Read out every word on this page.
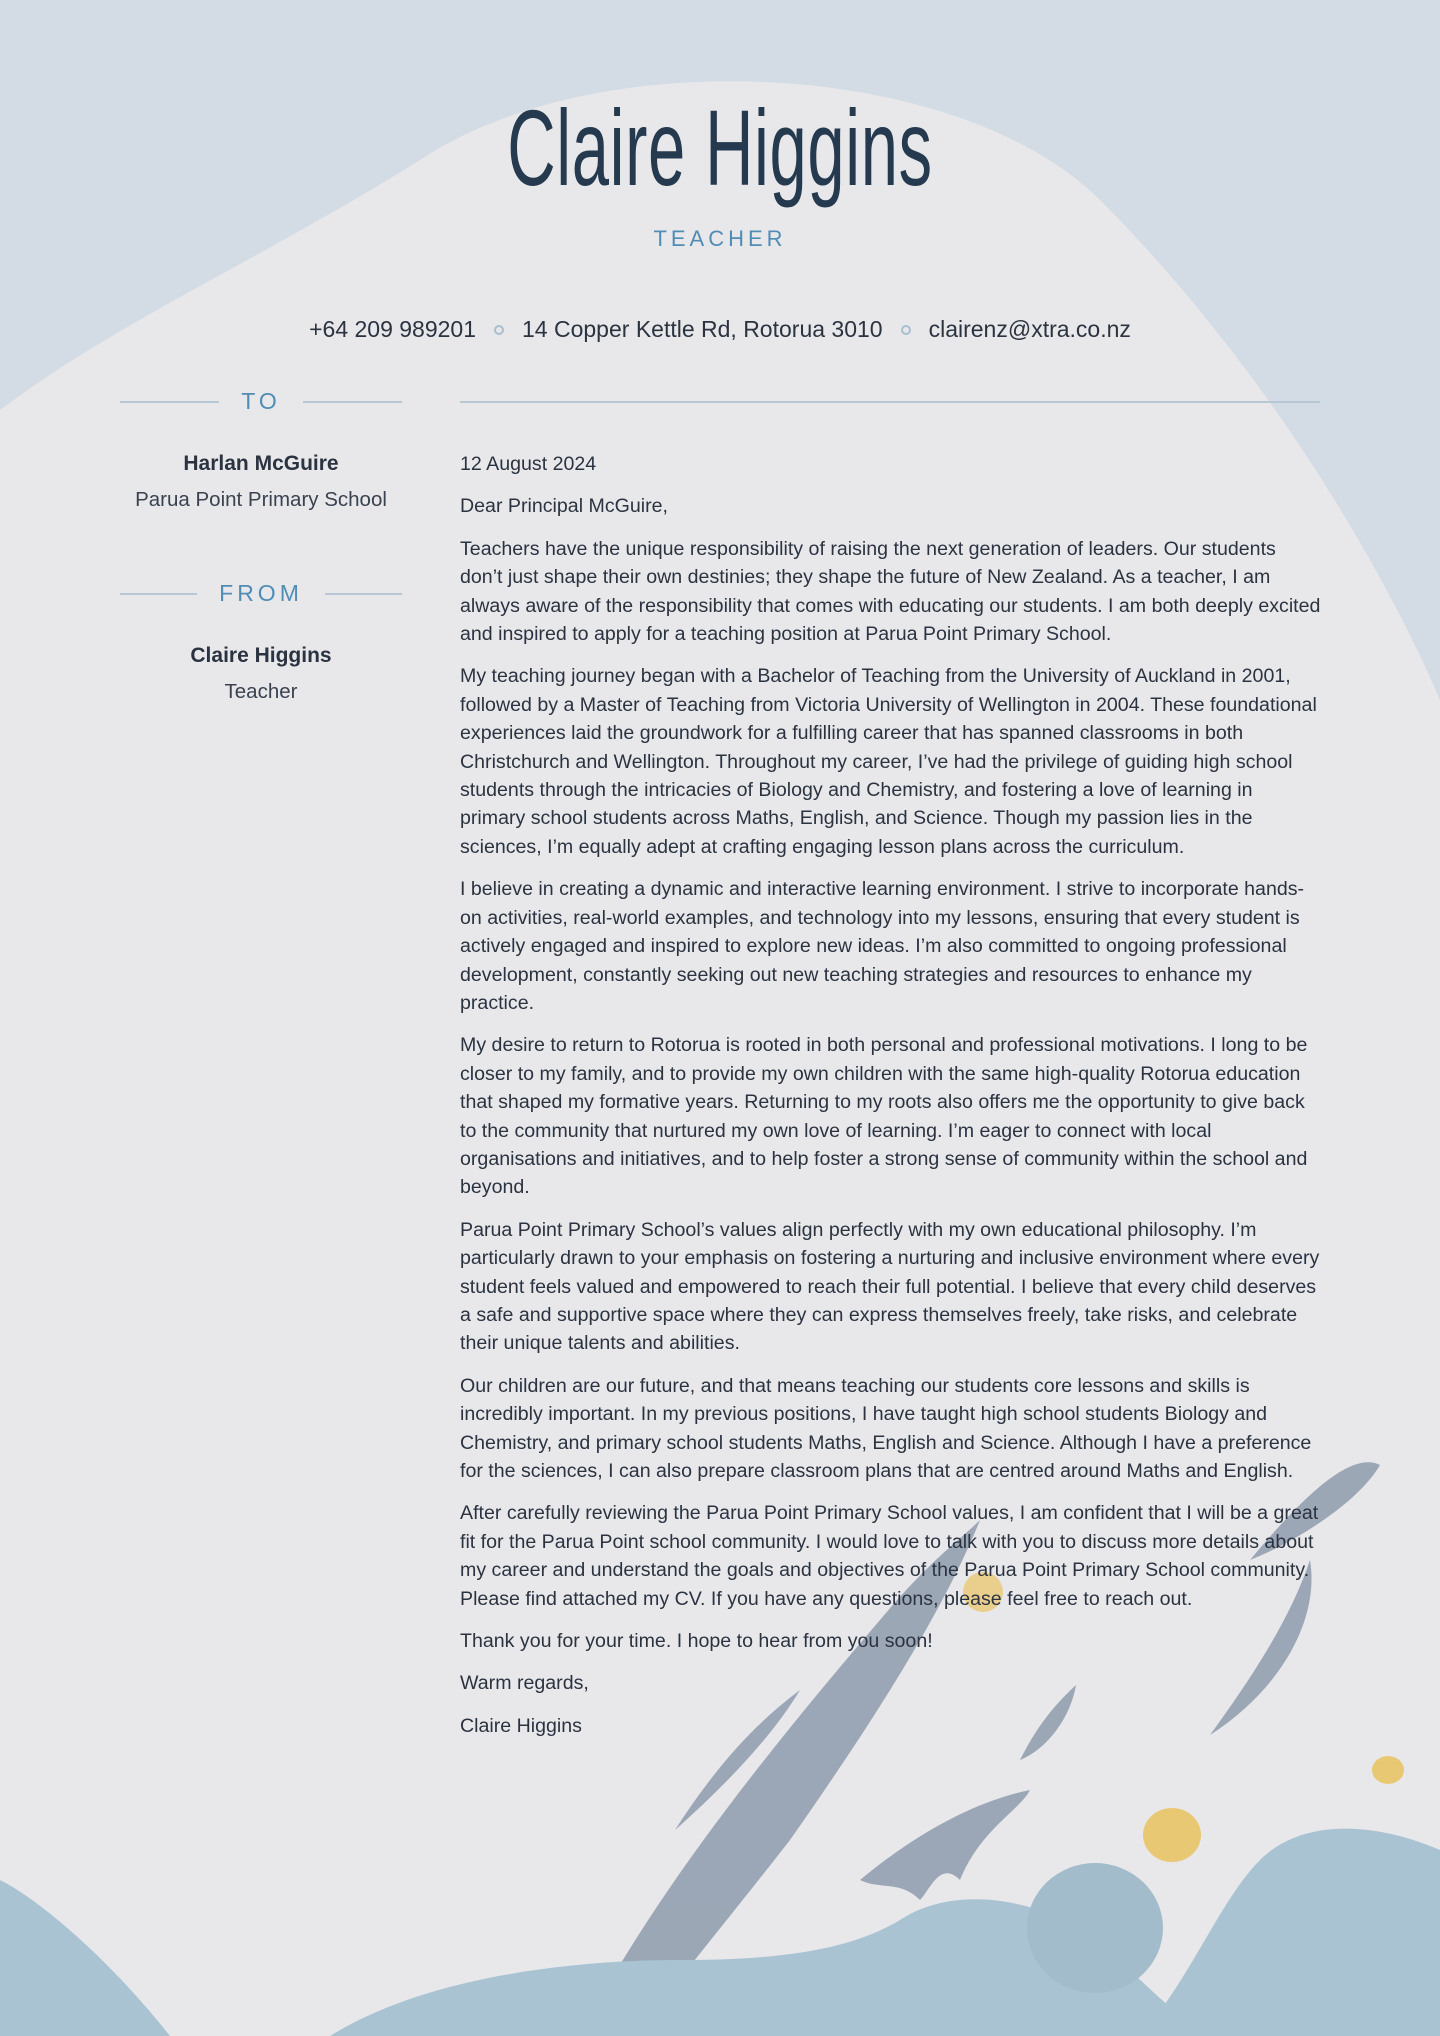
Claire Higgins
TEACHER
+64 209 989201 14 Copper Kettle Rd, Rotorua 3010 clairenz@xtra.co.nz
TO
Harlan McGuire
Parua Point Primary School
FROM
Claire Higgins
Teacher

12 August 2024

Dear Principal McGuire,

Teachers have the unique responsibility of raising the next generation of leaders. Our students don’t just shape their own destinies; they shape the future of New Zealand. As a teacher, I am always aware of the responsibility that comes with educating our students. I am both deeply excited and inspired to apply for a teaching position at Parua Point Primary School.

My teaching journey began with a Bachelor of Teaching from the University of Auckland in 2001, followed by a Master of Teaching from Victoria University of Wellington in 2004. These foundational experiences laid the groundwork for a fulfilling career that has spanned classrooms in both Christchurch and Wellington. Throughout my career, I’ve had the privilege of guiding high school students through the intricacies of Biology and Chemistry, and fostering a love of learning in primary school students across Maths, English, and Science. Though my passion lies in the sciences, I’m equally adept at crafting engaging lesson plans across the curriculum.

I believe in creating a dynamic and interactive learning environment. I strive to incorporate hands-on activities, real-world examples, and technology into my lessons, ensuring that every student is actively engaged and inspired to explore new ideas. I’m also committed to ongoing professional development, constantly seeking out new teaching strategies and resources to enhance my practice.

My desire to return to Rotorua is rooted in both personal and professional motivations. I long to be closer to my family, and to provide my own children with the same high-quality Rotorua education that shaped my formative years. Returning to my roots also offers me the opportunity to give back to the community that nurtured my own love of learning. I’m eager to connect with local organisations and initiatives, and to help foster a strong sense of community within the school and beyond.

Parua Point Primary School’s values align perfectly with my own educational philosophy. I’m particularly drawn to your emphasis on fostering a nurturing and inclusive environment where every student feels valued and empowered to reach their full potential. I believe that every child deserves a safe and supportive space where they can express themselves freely, take risks, and celebrate their unique talents and abilities.

Our children are our future, and that means teaching our students core lessons and skills is incredibly important. In my previous positions, I have taught high school students Biology and Chemistry, and primary school students Maths, English and Science. Although I have a preference for the sciences, I can also prepare classroom plans that are centred around Maths and English.

After carefully reviewing the Parua Point Primary School values, I am confident that I will be a great fit for the Parua Point school community. I would love to talk with you to discuss more details about my career and understand the goals and objectives of the Parua Point Primary School community. Please find attached my CV. If you have any questions, please feel free to reach out.

Thank you for your time. I hope to hear from you soon!

Warm regards,

Claire Higgins
